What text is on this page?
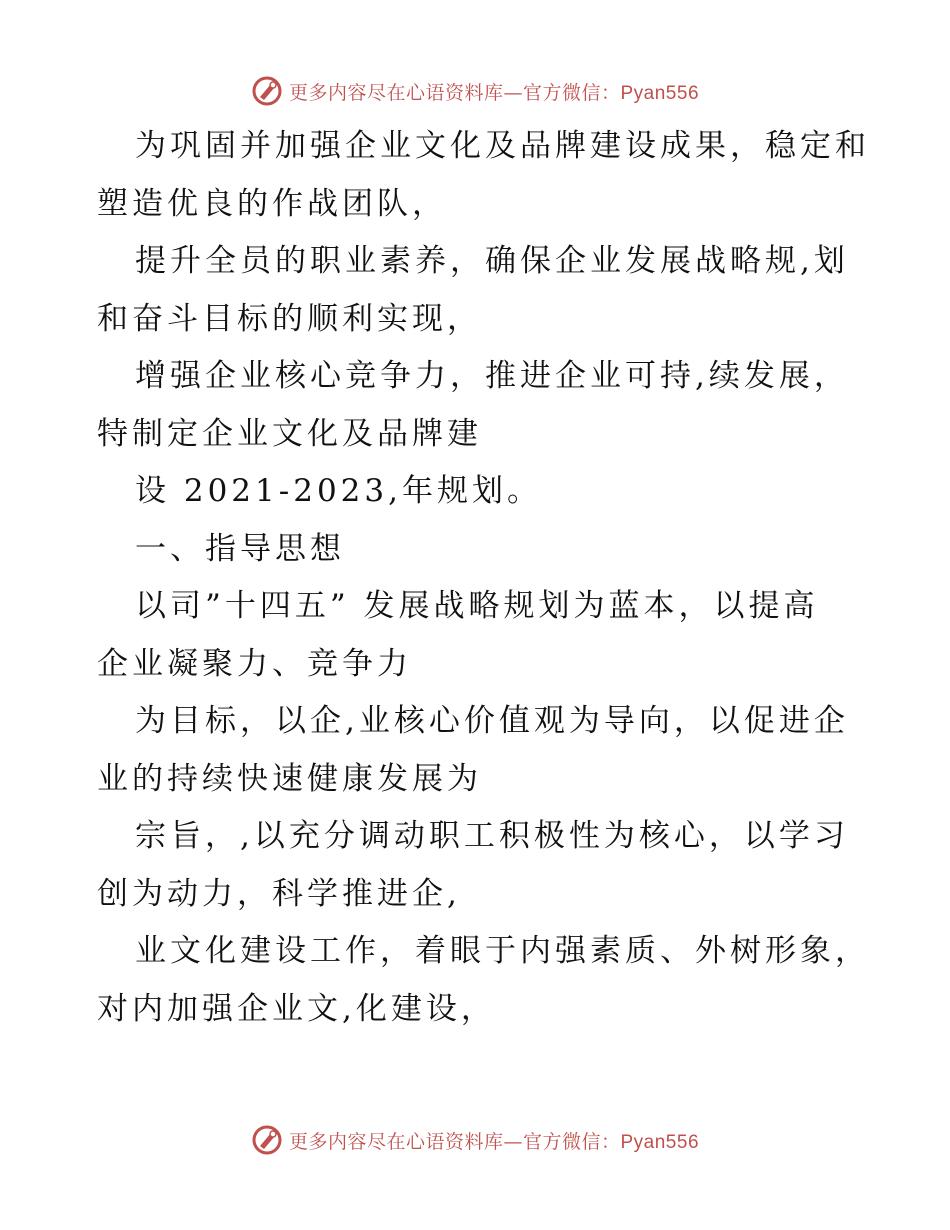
更多内容尽在心语资料库—官方微信：Pyan556
为巩固并加强企业文化及品牌建设成果，稳定和
塑造优良的作战团队，
提升全员的职业素养，确保企业发展战略规,划
和奋斗目标的顺利实现，
增强企业核心竞争力，推进企业可持,续发展，
特制定企业文化及品牌建
设 2021-2023,年规划。
一、指导思想
以司”十四五” 发展战略规划为蓝本，以提高
企业凝聚力、竞争力
为目标，以企,业核心价值观为导向，以促进企
业的持续快速健康发展为
宗旨，,以充分调动职工积极性为核心，以学习
创为动力，科学推进企,
业文化建设工作，着眼于内强素质、外树形象，
对内加强企业文,化建设，
更多内容尽在心语资料库—官方微信：Pyan556
